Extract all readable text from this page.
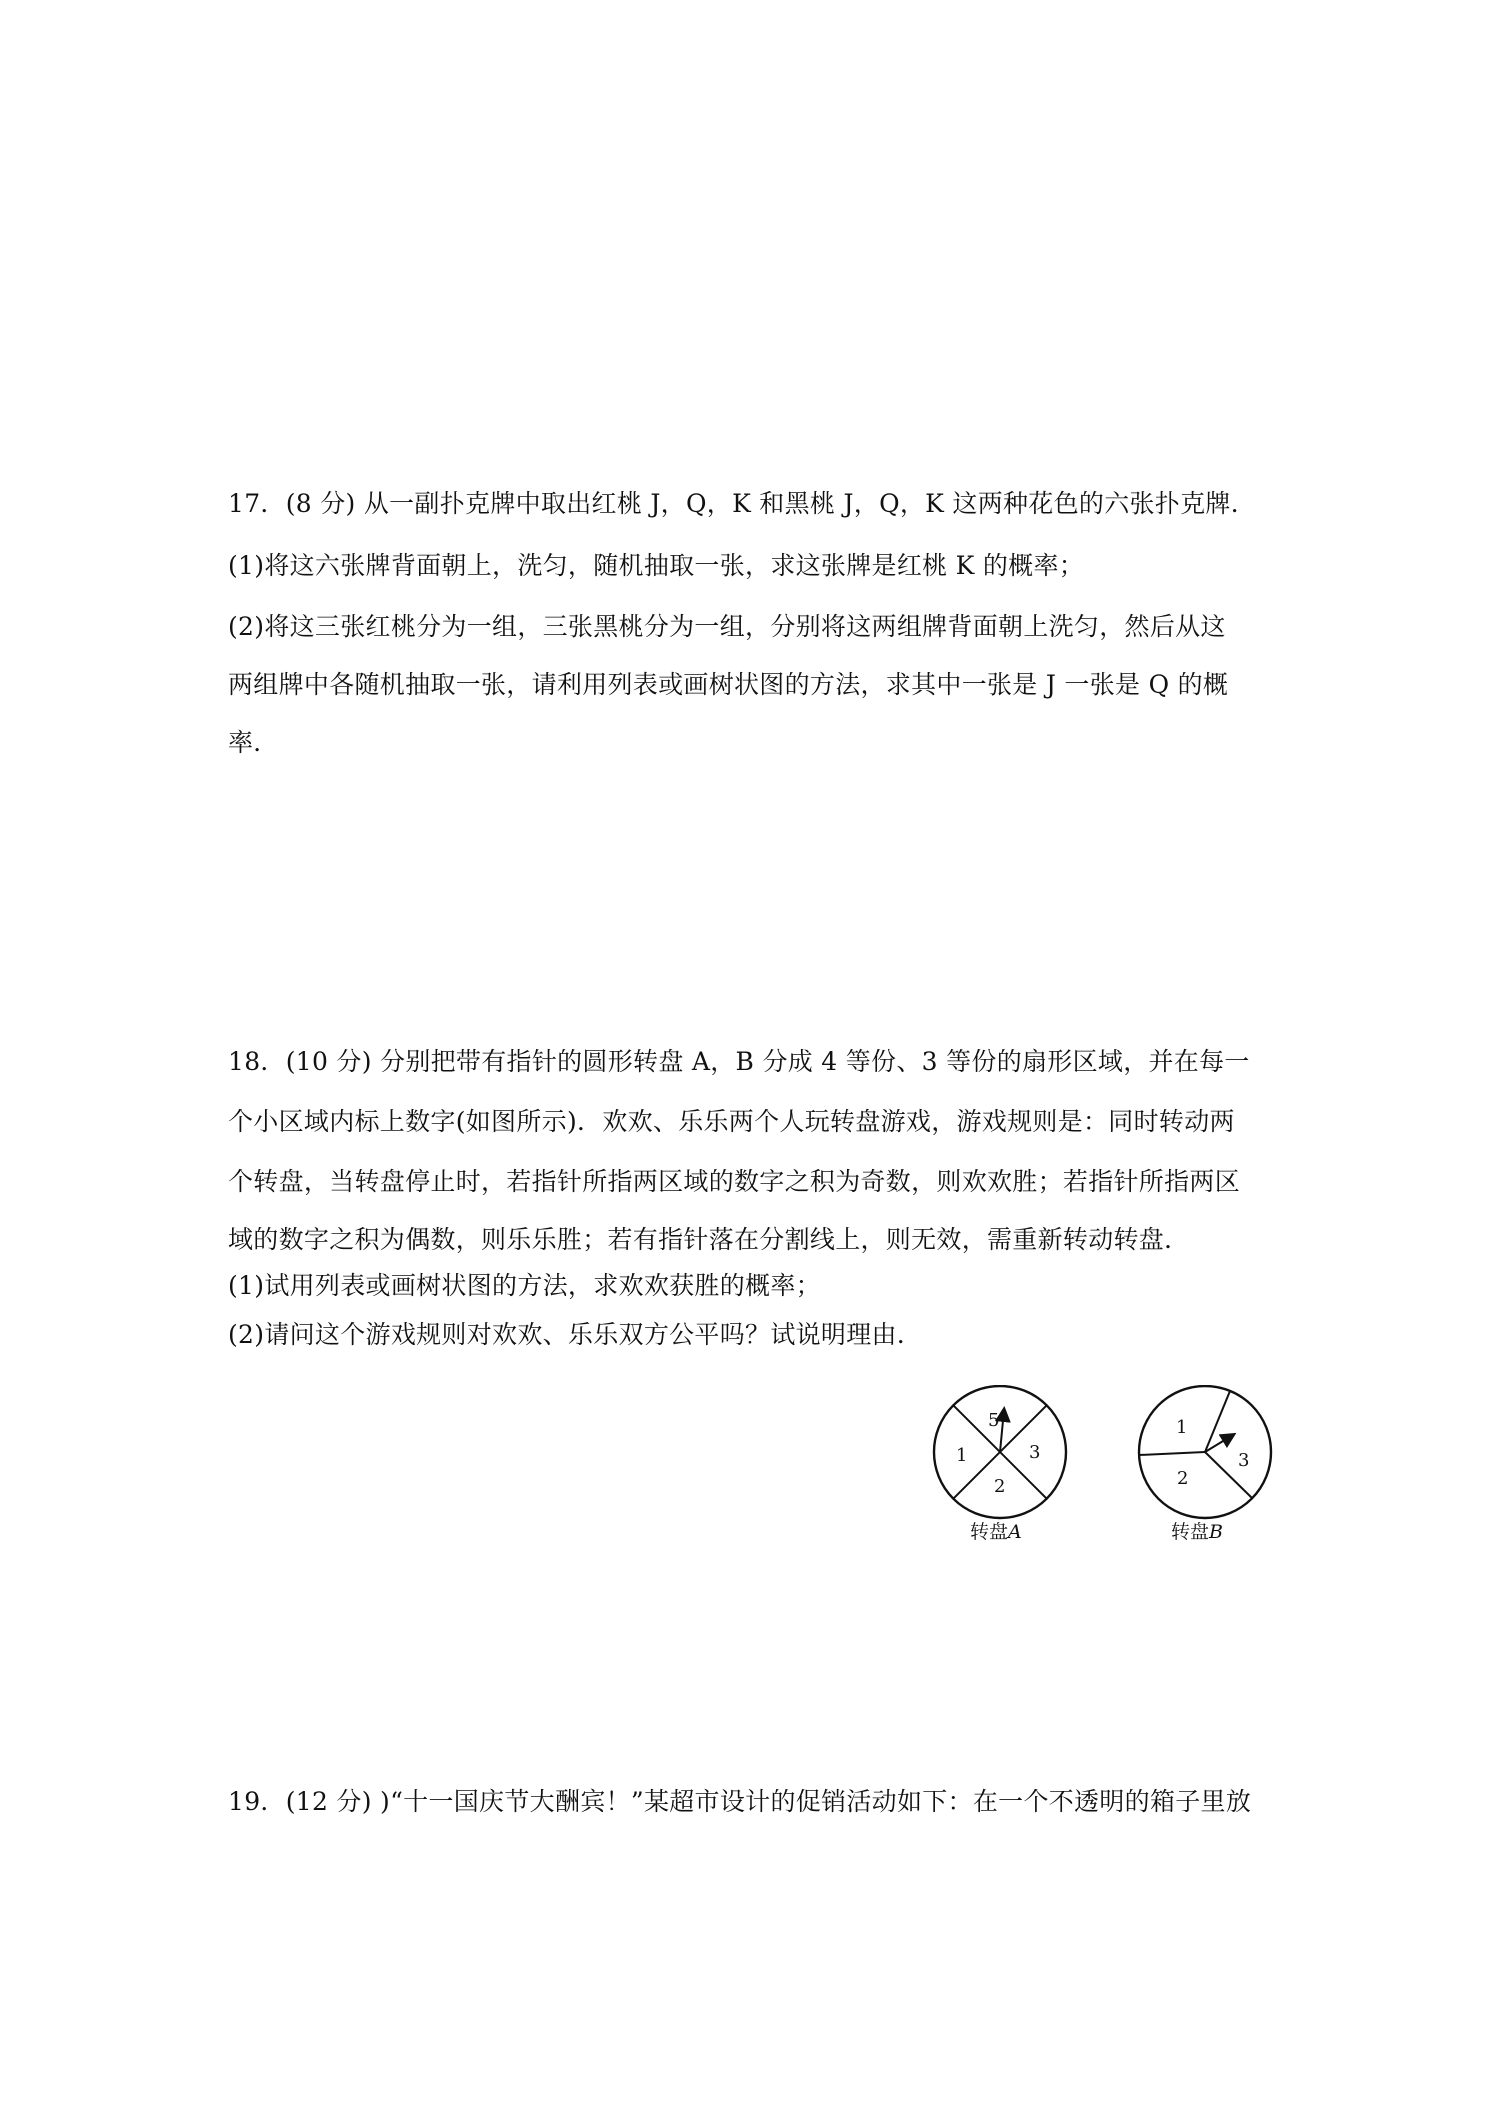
17．(8 分) 从一副扑克牌中取出红桃 J，Q，K 和黑桃 J，Q，K 这两种花色的六张扑克牌．
(1)将这六张牌背面朝上，洗匀，随机抽取一张，求这张牌是红桃 K 的概率；
(2)将这三张红桃分为一组，三张黑桃分为一组，分别将这两组牌背面朝上洗匀，然后从这
两组牌中各随机抽取一张，请利用列表或画树状图的方法，求其中一张是 J 一张是 Q 的概
率．
18．(10 分) 分别把带有指针的圆形转盘 A，B 分成 4 等份、3 等份的扇形区域，并在每一
个小区域内标上数字(如图所示)．欢欢、乐乐两个人玩转盘游戏，游戏规则是：同时转动两
个转盘，当转盘停止时，若指针所指两区域的数字之积为奇数，则欢欢胜；若指针所指两区
域的数字之积为偶数，则乐乐胜；若有指针落在分割线上，则无效，需重新转动转盘．
(1)试用列表或画树状图的方法，求欢欢获胜的概率；
(2)请问这个游戏规则对欢欢、乐乐双方公平吗？试说明理由．
5
3
2
1
转盘A
1
3
2
转盘B
19．(12 分) )“十一国庆节大酬宾！”某超市设计的促销活动如下：在一个不透明的箱子里放
